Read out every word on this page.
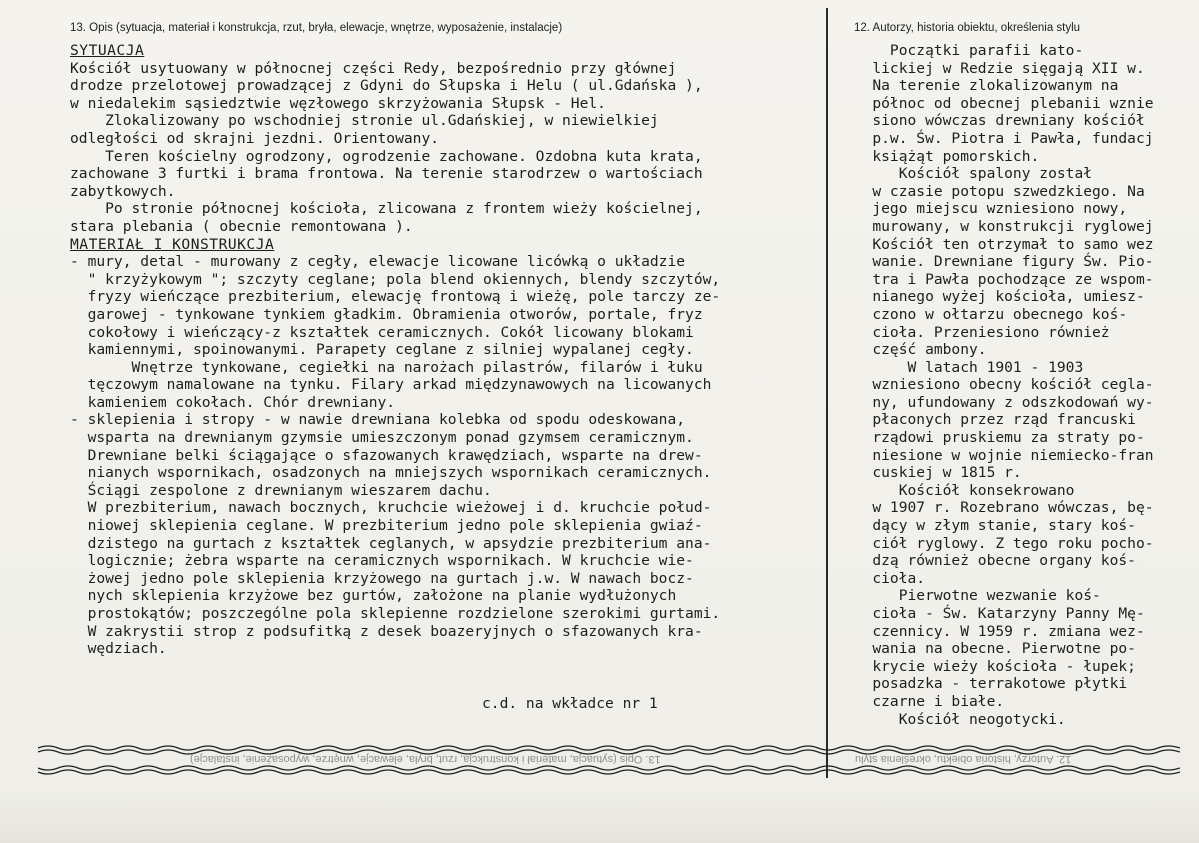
13. Opis (sytuacja, materiał i konstrukcja, rzut, bryła, elewacje, wnętrze, wyposażenie, instalacje)	12. Autorzy, historia obiektu, określenia stylu
SYTUACJA
Kościół usytuowany w północnej części Redy, bezpośrednio przy głównej
drodze przelotowej prowadzącej z Gdyni do Słupska i Helu ( ul.Gdańska ),
w niedalekim sąsiedztwie węzłowego skrzyżowania Słupsk - Hel.
Zlokalizowany po wschodniej stronie ul.Gdańskiej, w niewielkiej
odległości od skrajni jezdni. Orientowany.
Teren kościelny ogrodzony, ogrodzenie zachowane. Ozdobna kuta krata,
zachowane 3 furtki i brama frontowa. Na terenie starodrzew o wartościach
zabytkowych.
Po stronie północnej kościoła, zlicowana z frontem wieży kościelnej,
stara plebania ( obecnie remontowana ).
MATERIAŁ I KONSTRUKCJA
- mury, detal - murowany z cegły, elewacje licowane licówką o układzie
" krzyżykowym "; szczyty ceglane; pola blend okiennych, blendy szczytów,
fryzy wieńczące prezbiterium, elewację frontową i wieżę, pole tarczy ze-
garowej - tynkowane tynkiem gładkim. Obramienia otworów, portale, fryz
cokołowy i wieńczący-z kształtek ceramicznych. Cokół licowany blokami
kamiennymi, spoinowanymi. Parapety ceglane z silniej wypalanej cegły.
Wnętrze tynkowane, cegiełki na narożach pilastrów, filarów i łuku
tęczowym namalowane na tynku. Filary arkad międzynawowych na licowanych
kamieniem cokołach. Chór drewniany.
- sklepienia i stropy - w nawie drewniana kolebka od spodu odeskowana,
wsparta na drewnianym gzymsie umieszczonym ponad gzymsem ceramicznym.
Drewniane belki ściągające o sfazowanych krawędziach, wsparte na drew-
nianych wspornikach, osadzonych na mniejszych wspornikach ceramicznych.
Ściągi zespolone z drewnianym wieszarem dachu.
W prezbiterium, nawach bocznych, kruchcie wieżowej i d. kruchcie połud-
niowej sklepienia ceglane. W prezbiterium jedno pole sklepienia gwiaź-
dzistego na gurtach z kształtek ceglanych, w apsydzie prezbiterium ana-
logicznie; żebra wsparte na ceramicznych wspornikach. W kruchcie wie-
żowej jedno pole sklepienia krzyżowego na gurtach j.w. W nawach bocz-
nych sklepienia krzyżowe bez gurtów, założone na planie wydłużonych
prostokątów; poszczególne pola sklepienne rozdzielone szerokimi gurtami.
W zakrystii strop z podsufitką z desek boazeryjnych o sfazowanych kra-
wędziach.
c.d. na wkładce nr 1
Początki parafii kato-
lickiej w Redzie sięgają XII w.
Na terenie zlokalizowanym na
północ od obecnej plebanii wznie
siono wówczas drewniany kościół
p.w. Św. Piotra i Pawła, fundacj
książąt pomorskich.
Kościół spalony został
w czasie potopu szwedzkiego. Na
jego miejscu wzniesiono nowy,
murowany, w konstrukcji ryglowej
Kościół ten otrzymał to samo wez
wanie. Drewniane figury Św. Pio-
tra i Pawła pochodzące ze wspom-
nianego wyżej kościoła, umiesz-
czono w ołtarzu obecnego koś-
cioła. Przeniesiono również
część ambony.
W latach 1901 - 1903
wzniesiono obecny kościół cegla-
ny, ufundowany z odszkodowań wy-
płaconych przez rząd francuski
rządowi pruskiemu za straty po-
niesione w wojnie niemiecko-fran
cuskiej w 1815 r.
Kościół konsekrowano
w 1907 r. Rozebrano wówczas, bę-
dący w złym stanie, stary koś-
ciół ryglowy. Z tego roku pocho-
dzą również obecne organy koś-
cioła.
Pierwotne wezwanie koś-
cioła - Św. Katarzyny Panny Mę-
czennicy. W 1959 r. zmiana wez-
wania na obecne. Pierwotne po-
krycie wieży kościoła - łupek;
posadzka - terrakotowe płytki
czarne i białe.
Kościół neogotycki.
13. Opis (sytuacja, materiał i konstrukcja, rzut, bryła, elewacje, wnętrze, wyposażenie, instalacje)	12. Autorzy, historia obiektu, określenia stylu
